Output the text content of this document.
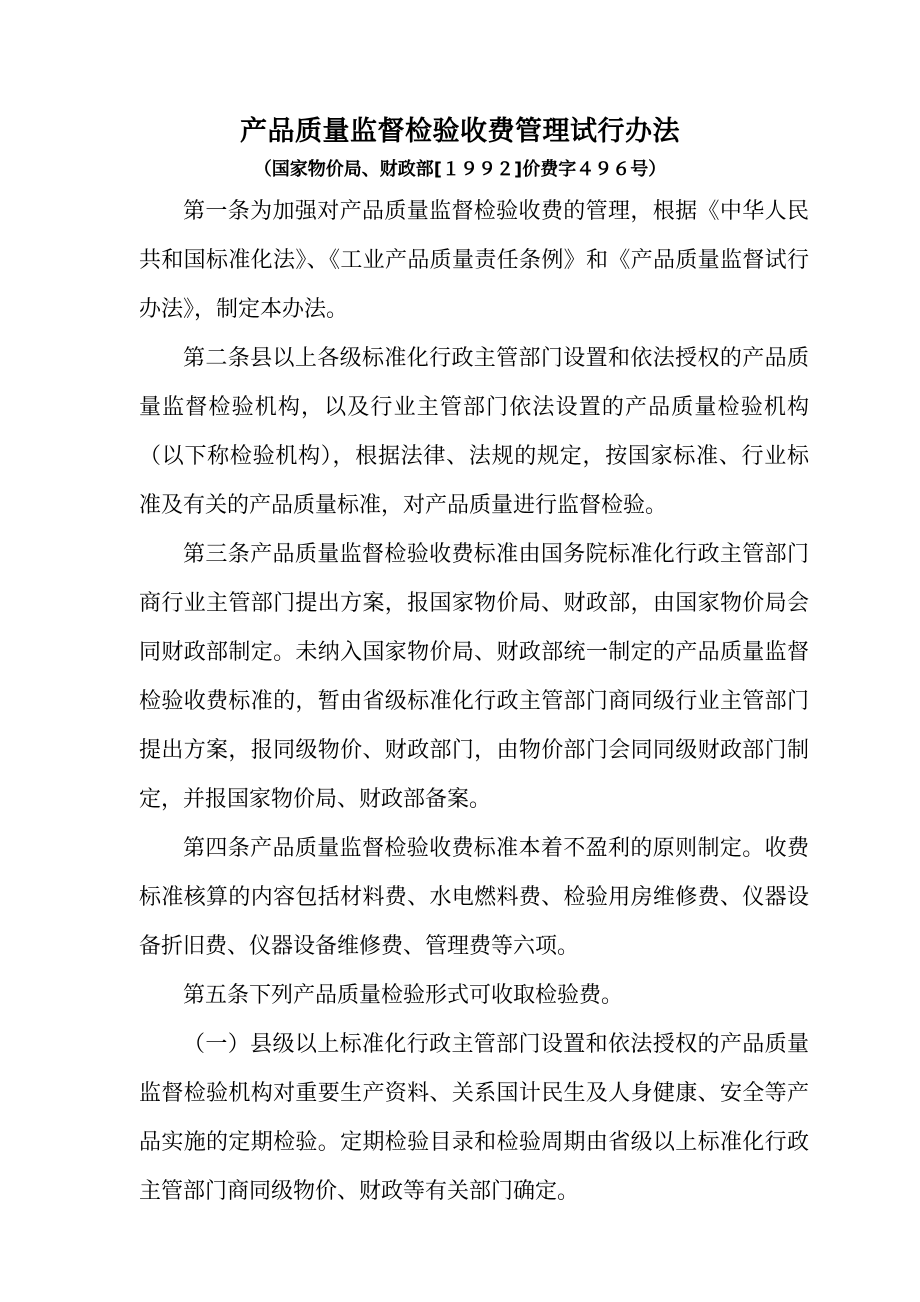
产品质量监督检验收费管理试行办法
（国家物价局、财政部[１９９２]价费字４９６号）

第一条为加强对产品质量监督检验收费的管理，根据《中华人民共和国标准化法》、《工业产品质量责任条例》和《产品质量监督试行办法》，制定本办法。

第二条县以上各级标准化行政主管部门设置和依法授权的产品质量监督检验机构，以及行业主管部门依法设置的产品质量检验机构（以下称检验机构），根据法律、法规的规定，按国家标准、行业标准及有关的产品质量标准，对产品质量进行监督检验。

第三条产品质量监督检验收费标准由国务院标准化行政主管部门商行业主管部门提出方案，报国家物价局、财政部，由国家物价局会同财政部制定。未纳入国家物价局、财政部统一制定的产品质量监督检验收费标准的，暂由省级标准化行政主管部门商同级行业主管部门提出方案，报同级物价、财政部门，由物价部门会同同级财政部门制定，并报国家物价局、财政部备案。

第四条产品质量监督检验收费标准本着不盈利的原则制定。收费标准核算的内容包括材料费、水电燃料费、检验用房维修费、仪器设备折旧费、仪器设备维修费、管理费等六项。

第五条下列产品质量检验形式可收取检验费。

（一）县级以上标准化行政主管部门设置和依法授权的产品质量监督检验机构对重要生产资料、关系国计民生及人身健康、安全等产品实施的定期检验。定期检验目录和检验周期由省级以上标准化行政主管部门商同级物价、财政等有关部门确定。
